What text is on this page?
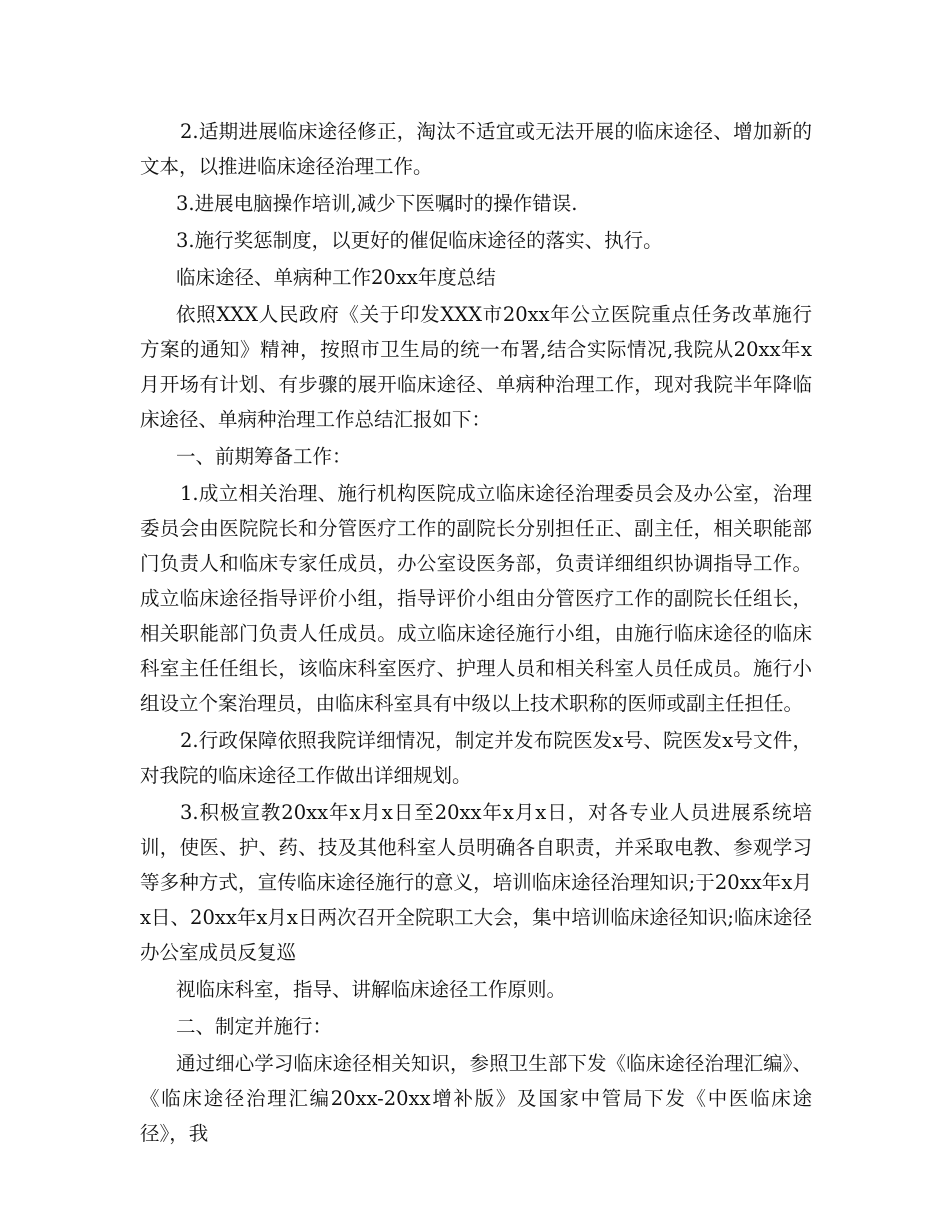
2.适期进展临床途径修正，淘汰不适宜或无法开展的临床途径、增加新的文本，以推进临床途径治理工作。

3.进展电脑操作培训,减少下医嘱时的操作错误.

3.施行奖惩制度，以更好的催促临床途径的落实、执行。

临床途径、单病种工作20xx年度总结

依照XXX人民政府《关于印发XXX市20xx年公立医院重点任务改革施行方案的通知》精神，按照市卫生局的统一布署,结合实际情况,我院从20xx年x月开场有计划、有步骤的展开临床途径、单病种治理工作，现对我院半年降临床途径、单病种治理工作总结汇报如下：

一、前期筹备工作：

1.成立相关治理、施行机构医院成立临床途径治理委员会及办公室，治理委员会由医院院长和分管医疗工作的副院长分别担任正、副主任，相关职能部门负责人和临床专家任成员，办公室设医务部，负责详细组织协调指导工作。成立临床途径指导评价小组，指导评价小组由分管医疗工作的副院长任组长，相关职能部门负责人任成员。成立临床途径施行小组，由施行临床途径的临床科室主任任组长，该临床科室医疗、护理人员和相关科室人员任成员。施行小组设立个案治理员，由临床科室具有中级以上技术职称的医师或副主任担任。

2.行政保障依照我院详细情况，制定并发布院医发x号、院医发x号文件，对我院的临床途径工作做出详细规划。

3.积极宣教20xx年x月x日至20xx年x月x日，对各专业人员进展系统培训，使医、护、药、技及其他科室人员明确各自职责，并采取电教、参观学习等多种方式，宣传临床途径施行的意义，培训临床途径治理知识;于20xx年x月x日、20xx年x月x日两次召开全院职工大会，集中培训临床途径知识;临床途径办公室成员反复巡

视临床科室，指导、讲解临床途径工作原则。

二、制定并施行：

通过细心学习临床途径相关知识，参照卫生部下发《临床途径治理汇编》、《临床途径治理汇编20xx-20xx增补版》及国家中管局下发《中医临床途径》，我
